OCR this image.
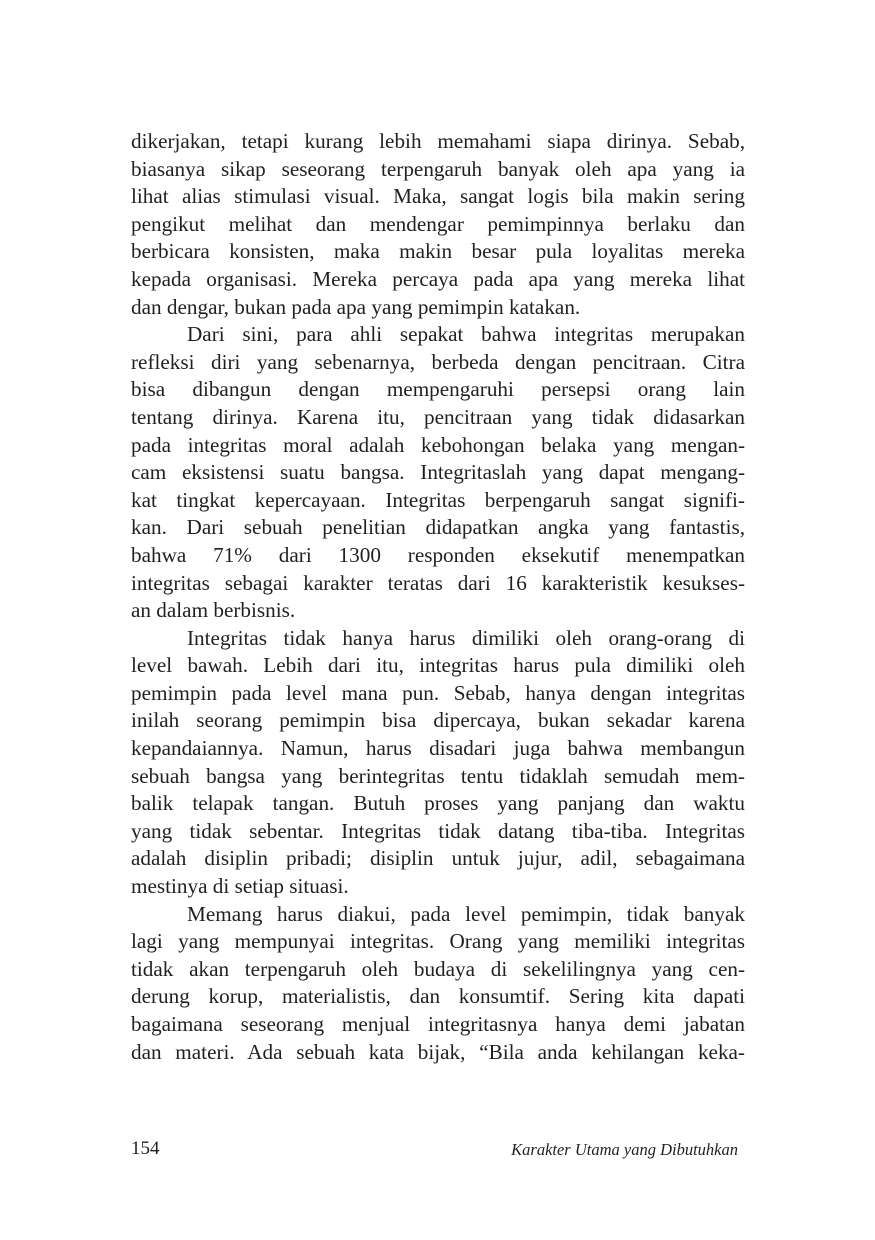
dikerjakan, tetapi kurang lebih memahami siapa dirinya. Sebab,
biasanya sikap seseorang terpengaruh banyak oleh apa yang ia
lihat alias stimulasi visual. Maka, sangat logis bila makin sering
pengikut melihat dan mendengar pemimpinnya berlaku dan
berbicara konsisten, maka makin besar pula loyalitas mereka
kepada organisasi. Mereka percaya pada apa yang mereka lihat
dan dengar, bukan pada apa yang pemimpin katakan.
Dari sini, para ahli sepakat bahwa integritas merupakan
refleksi diri yang sebenarnya, berbeda dengan pencitraan. Citra
bisa dibangun dengan mempengaruhi persepsi orang lain
tentang dirinya. Karena itu, pencitraan yang tidak didasarkan
pada integritas moral adalah kebohongan belaka yang mengan-
cam eksistensi suatu bangsa. Integritaslah yang dapat mengang-
kat tingkat kepercayaan. Integritas berpengaruh sangat signifi-
kan. Dari sebuah penelitian didapatkan angka yang fantastis,
bahwa 71% dari 1300 responden eksekutif menempatkan
integritas sebagai karakter teratas dari 16 karakteristik kesukses-
an dalam berbisnis.
Integritas tidak hanya harus dimiliki oleh orang-orang di
level bawah. Lebih dari itu, integritas harus pula dimiliki oleh
pemimpin pada level mana pun. Sebab, hanya dengan integritas
inilah seorang pemimpin bisa dipercaya, bukan sekadar karena
kepandaiannya. Namun, harus disadari juga bahwa membangun
sebuah bangsa yang berintegritas tentu tidaklah semudah mem-
balik telapak tangan. Butuh proses yang panjang dan waktu
yang tidak sebentar. Integritas tidak datang tiba-tiba. Integritas
adalah disiplin pribadi; disiplin untuk jujur, adil, sebagaimana
mestinya di setiap situasi.
Memang harus diakui, pada level pemimpin, tidak banyak
lagi yang mempunyai integritas. Orang yang memiliki integritas
tidak akan terpengaruh oleh budaya di sekelilingnya yang cen-
derung korup, materialistis, dan konsumtif. Sering kita dapati
bagaimana seseorang menjual integritasnya hanya demi jabatan
dan materi. Ada sebuah kata bijak, “Bila anda kehilangan keka-
154	Karakter Utama yang Dibutuhkan
